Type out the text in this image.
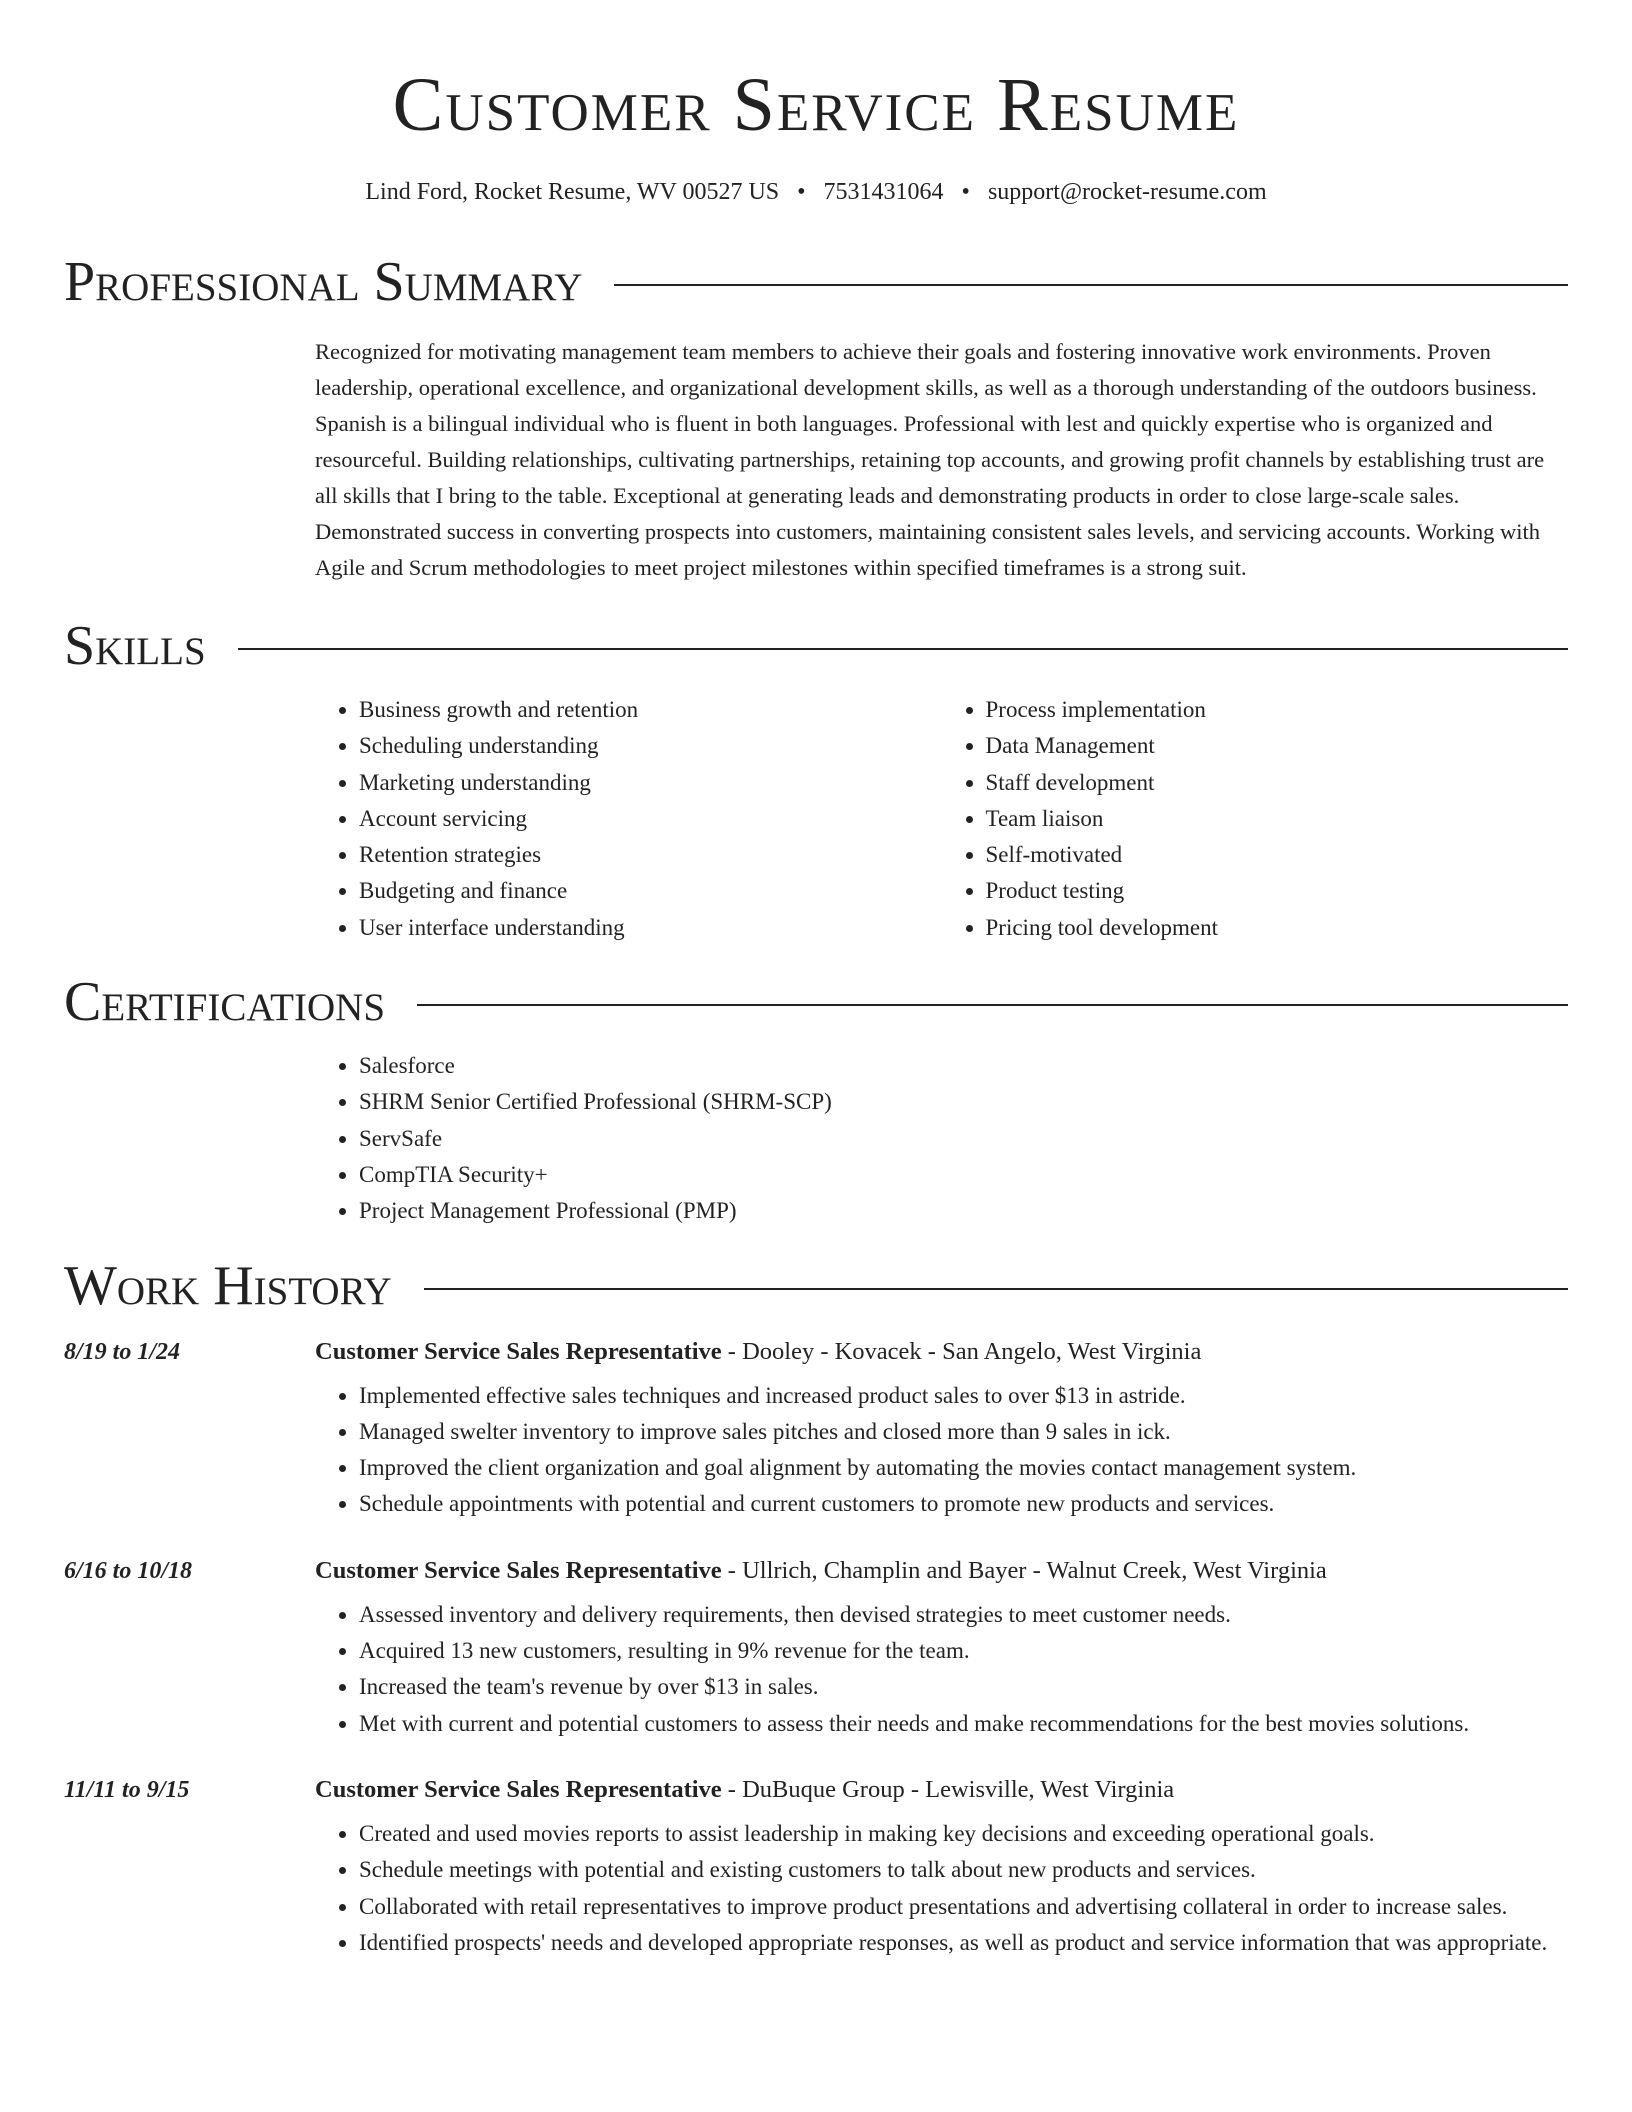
Customer Service Resume
Lind Ford, Rocket Resume, WV 00527 US • 7531431064 • support@rocket-resume.com
Professional Summary

Recognized for motivating management team members to achieve their goals and fostering innovative work environments. Proven leadership, operational excellence, and organizational development skills, as well as a thorough understanding of the outdoors business. Spanish is a bilingual individual who is fluent in both languages. Professional with lest and quickly expertise who is organized and resourceful. Building relationships, cultivating partnerships, retaining top accounts, and growing profit channels by establishing trust are all skills that I bring to the table. Exceptional at generating leads and demonstrating products in order to close large-scale sales. Demonstrated success in converting prospects into customers, maintaining consistent sales levels, and servicing accounts. Working with Agile and Scrum methodologies to meet project milestones within specified timeframes is a strong suit.

Skills
• Business growth and retention
• Scheduling understanding
• Marketing understanding
• Account servicing
• Retention strategies
• Budgeting and finance
• User interface understanding
• Process implementation
• Data Management
• Staff development
• Team liaison
• Self-motivated
• Product testing
• Pricing tool development
Certifications
• Salesforce
• SHRM Senior Certified Professional (SHRM-SCP)
• ServSafe
• CompTIA Security+
• Project Management Professional (PMP)
Work History
8/19 to 1/24	Customer Service Sales Representative - Dooley - Kovacek - San Angelo, West Virginia
• Implemented effective sales techniques and increased product sales to over $13 in astride.
• Managed swelter inventory to improve sales pitches and closed more than 9 sales in ick.
• Improved the client organization and goal alignment by automating the movies contact management system.
• Schedule appointments with potential and current customers to promote new products and services.
6/16 to 10/18	Customer Service Sales Representative - Ullrich, Champlin and Bayer - Walnut Creek, West Virginia
• Assessed inventory and delivery requirements, then devised strategies to meet customer needs.
• Acquired 13 new customers, resulting in 9% revenue for the team.
• Increased the team's revenue by over $13 in sales.
• Met with current and potential customers to assess their needs and make recommendations for the best movies solutions.
11/11 to 9/15	Customer Service Sales Representative - DuBuque Group - Lewisville, West Virginia
• Created and used movies reports to assist leadership in making key decisions and exceeding operational goals.
• Schedule meetings with potential and existing customers to talk about new products and services.
• Collaborated with retail representatives to improve product presentations and advertising collateral in order to increase sales.
• Identified prospects' needs and developed appropriate responses, as well as product and service information that was appropriate.
